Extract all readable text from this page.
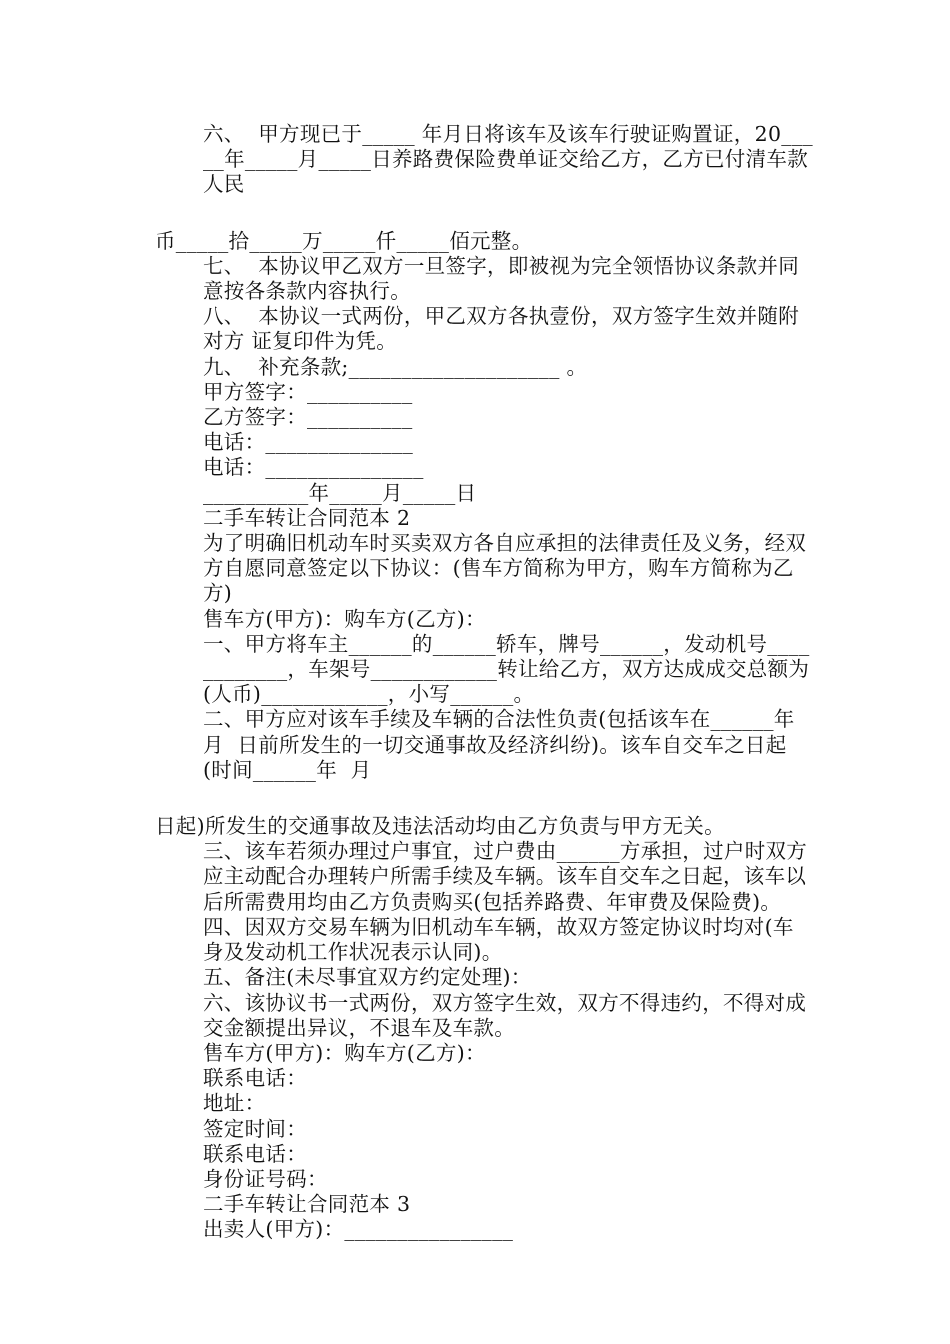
六、  甲方现已于_____ 年月日将该车及该车行驶证购置证，20_____年_____月_____日养路费保险费单证交给乙方，乙方已付清车款人民

币_____拾_____万_____仟_____佰元整。

七、  本协议甲乙双方一旦签字，即被视为完全领悟协议条款并同意按各条款内容执行。

八、  本协议一式两份，甲乙双方各执壹份，双方签字生效并随附对方 证复印件为凭。

九、  补充条款;____________________ 。

甲方签字：__________

乙方签字：__________

电话：______________

电话：_______________

__________年_____月_____日

二手车转让合同范本 2

为了明确旧机动车时买卖双方各自应承担的法律责任及义务，经双方自愿同意签定以下协议：(售车方简称为甲方，购车方简称为乙方)

售车方(甲方)：购车方(乙方)：

一、甲方将车主______的______轿车，牌号______，发动机号____________，车架号____________转让给乙方，双方达成成交总额为(人币)____________，小写______。

二、甲方应对该车手续及车辆的合法性负责(包括该车在______年  月  日前所发生的一切交通事故及经济纠纷)。该车自交车之日起(时间______年  月

日起)所发生的交通事故及违法活动均由乙方负责与甲方无关。

三、该车若须办理过户事宜，过户费由______方承担，过户时双方应主动配合办理转户所需手续及车辆。该车自交车之日起，该车以后所需费用均由乙方负责购买(包括养路费、年审费及保险费)。

四、因双方交易车辆为旧机动车车辆，故双方签定协议时均对(车身及发动机工作状况表示认同)。

五、备注(未尽事宜双方约定处理)：

六、该协议书一式两份，双方签字生效，双方不得违约，不得对成交金额提出异议，不退车及车款。

售车方(甲方)：购车方(乙方)：

联系电话：

地址：

签定时间：

联系电话：

身份证号码：

二手车转让合同范本 3

出卖人(甲方)：________________
